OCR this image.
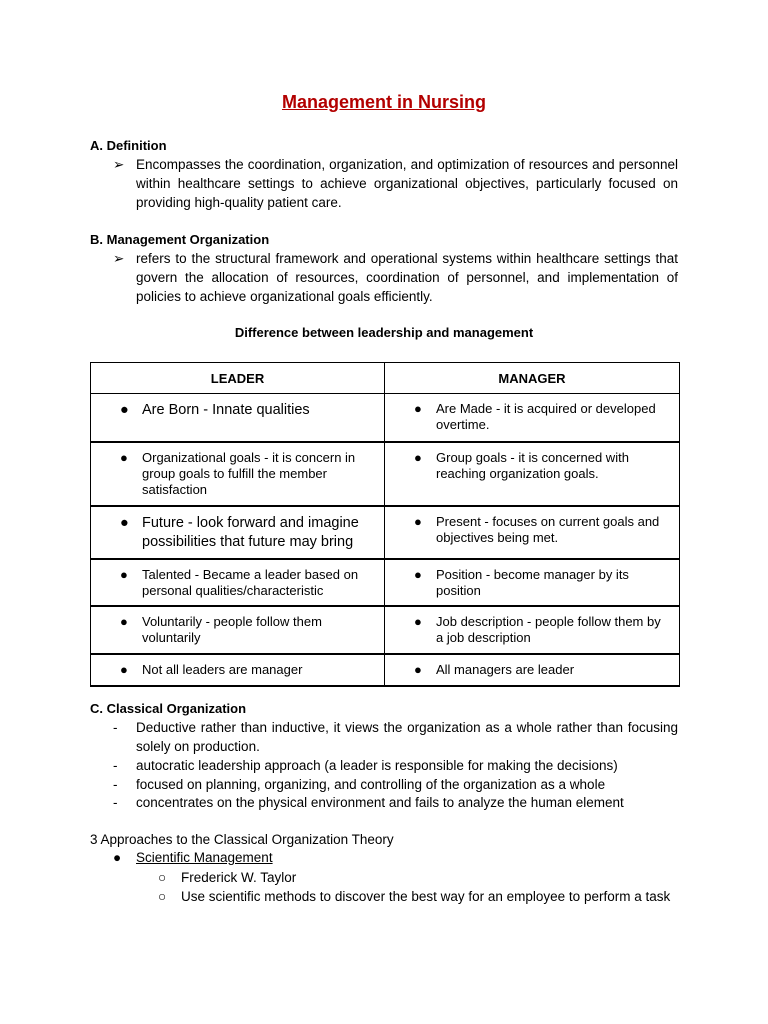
Management in Nursing
A. Definition
➢ Encompasses the coordination, organization, and optimization of resources and personnel within healthcare settings to achieve organizational objectives, particularly focused on providing high-quality patient care.
B. Management Organization
➢ refers to the structural framework and operational systems within healthcare settings that govern the allocation of resources, coordination of personnel, and implementation of policies to achieve organizational goals efficiently.
Difference between leadership and management
LEADER	MANAGER

● Are Born - Innate qualities	● Are Made - it is acquired or developed overtime.

● Organizational goals - it is concern in group goals to fulfill the member satisfaction	● Group goals - it is concerned with reaching organization goals.

● Future - look forward and imagine possibilities that future may bring	● Present - focuses on current goals and objectives being met.

● Talented - Became a leader based on personal qualities/characteristic	● Position - become manager by its position

● Voluntarily - people follow them voluntarily	● Job description - people follow them by a job description

● Not all leaders are manager	● All managers are leader
C. Classical Organization
- Deductive rather than inductive, it views the organization as a whole rather than focusing solely on production.
- autocratic leadership approach (a leader is responsible for making the decisions)
- focused on planning, organizing, and controlling of the organization as a whole
- concentrates on the physical environment and fails to analyze the human element
3 Approaches to the Classical Organization Theory
● Scientific Management
○ Frederick W. Taylor
○ Use scientific methods to discover the best way for an employee to perform a task
